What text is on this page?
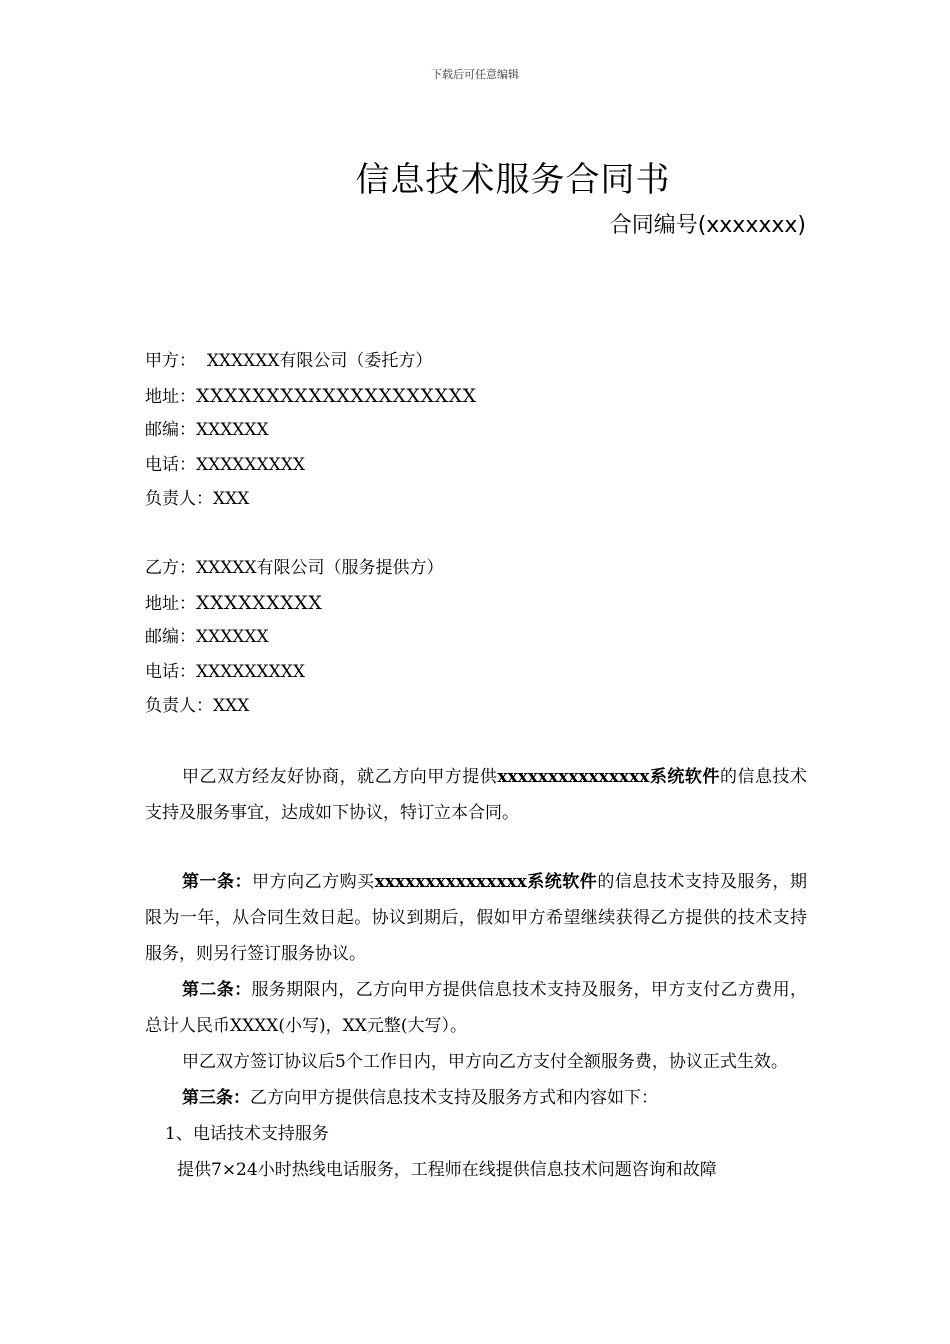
下载后可任意编辑
信息技术服务合同书
合同编号(xxxxxxx)
甲方： XXXXXX有限公司（委托方）
地址：XXXXXXXXXXXXXXXXXXXX
邮编：XXXXXX
电话：XXXXXXXXX
负责人：XXX
乙方：XXXXX有限公司（服务提供方）
地址：XXXXXXXXX
邮编：XXXXXX
电话：XXXXXXXXX
负责人：XXX

甲乙双方经友好协商，就乙方向甲方提供xxxxxxxxxxxxxxx系统软件的信息技术支持及服务事宜，达成如下协议，特订立本合同。

第一条：甲方向乙方购买xxxxxxxxxxxxxxx系统软件的信息技术支持及服务，期限为一年，从合同生效日起。协议到期后，假如甲方希望继续获得乙方提供的技术支持服务，则另行签订服务协议。

第二条：服务期限内，乙方向甲方提供信息技术支持及服务，甲方支付乙方费用，总计人民币XXXX(小写)，XX元整(大写）。

甲乙双方签订协议后5个工作日内，甲方向乙方支付全额服务费，协议正式生效。

第三条：乙方向甲方提供信息技术支持及服务方式和内容如下：

1、电话技术支持服务

提供7×24小时热线电话服务，工程师在线提供信息技术问题咨询和故障
